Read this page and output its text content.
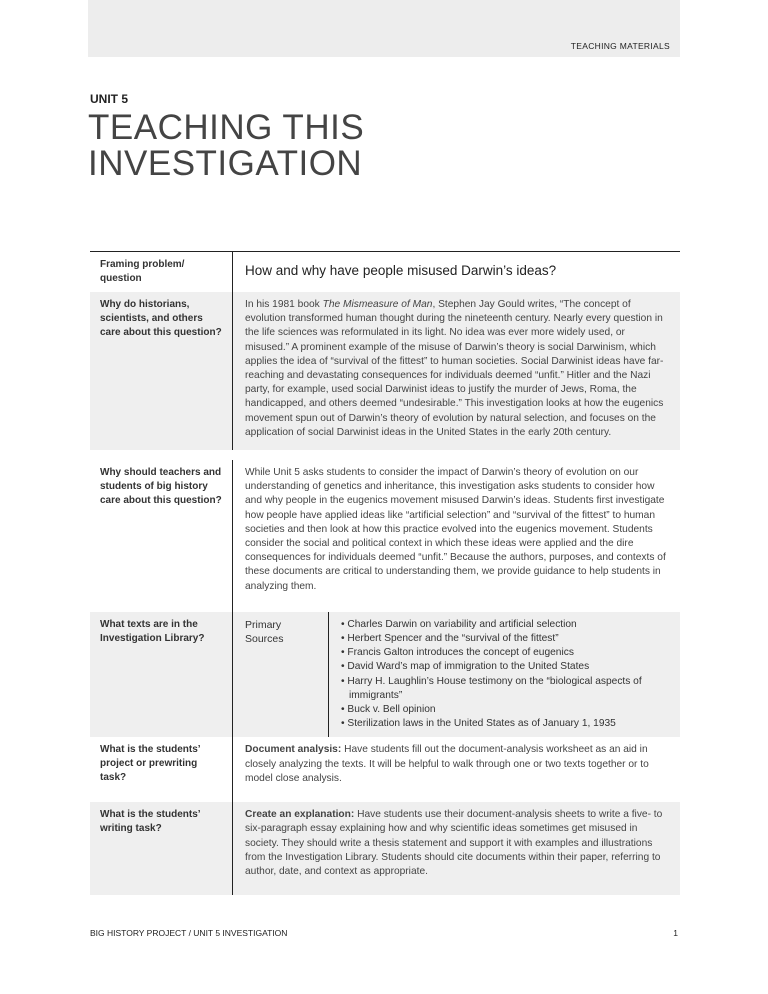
TEACHING MATERIALS
UNIT 5
TEACHING THIS
INVESTIGATION
Framing problem/ question
How and why have people misused Darwin’s ideas?
Why do historians, scientists, and others care about this question?
In his 1981 book The Mismeasure of Man, Stephen Jay Gould writes, “The concept of evolution transformed human thought during the nineteenth century. Nearly every question in the life sciences was reformulated in its light. No idea was ever more widely used, or misused.” A prominent example of the misuse of Darwin’s theory is social Darwinism, which applies the idea of “survival of the fittest” to human societies. Social Darwinist ideas have far-reaching and devastating consequences for individuals deemed “unfit.” Hitler and the Nazi party, for example, used social Darwinist ideas to justify the murder of Jews, Roma, the handicapped, and others deemed “undesirable.” This investigation looks at how the eugenics movement spun out of Darwin’s theory of evolution by natural selection, and focuses on the application of social Darwinist ideas in the United States in the early 20th century.
Why should teachers and students of big history care about this question?
While Unit 5 asks students to consider the impact of Darwin’s theory of evolution on our understanding of genetics and inheritance, this investigation asks students to consider how and why people in the eugenics movement misused Darwin’s ideas. Students first investigate how people have applied ideas like “artificial selection” and “survival of the fittest” to human societies and then look at how this practice evolved into the eugenics movement. Students consider the social and political context in which these ideas were applied and the dire consequences for individuals deemed “unfit.” Because the authors, purposes, and contexts of these documents are critical to understanding them, we provide guidance to help students in analyzing them.
What texts are in the Investigation Library?
Primary Sources
• Charles Darwin on variability and artificial selection
• Herbert Spencer and the “survival of the fittest”
• Francis Galton introduces the concept of eugenics
• David Ward’s map of immigration to the United States
• Harry H. Laughlin’s House testimony on the “biological aspects of immigrants”
• Buck v. Bell opinion
• Sterilization laws in the United States as of January 1, 1935
What is the students’ project or prewriting task?
Document analysis: Have students fill out the document-analysis worksheet as an aid in closely analyzing the texts. It will be helpful to walk through one or two texts together or to model close analysis.
What is the students’ writing task?
Create an explanation: Have students use their document-analysis sheets to write a five- to six-paragraph essay explaining how and why scientific ideas sometimes get misused in society. They should write a thesis statement and support it with examples and illustrations from the Investigation Library. Students should cite documents within their paper, referring to author, date, and context as appropriate.
BIG HISTORY PROJECT / UNIT 5 INVESTIGATION	1
